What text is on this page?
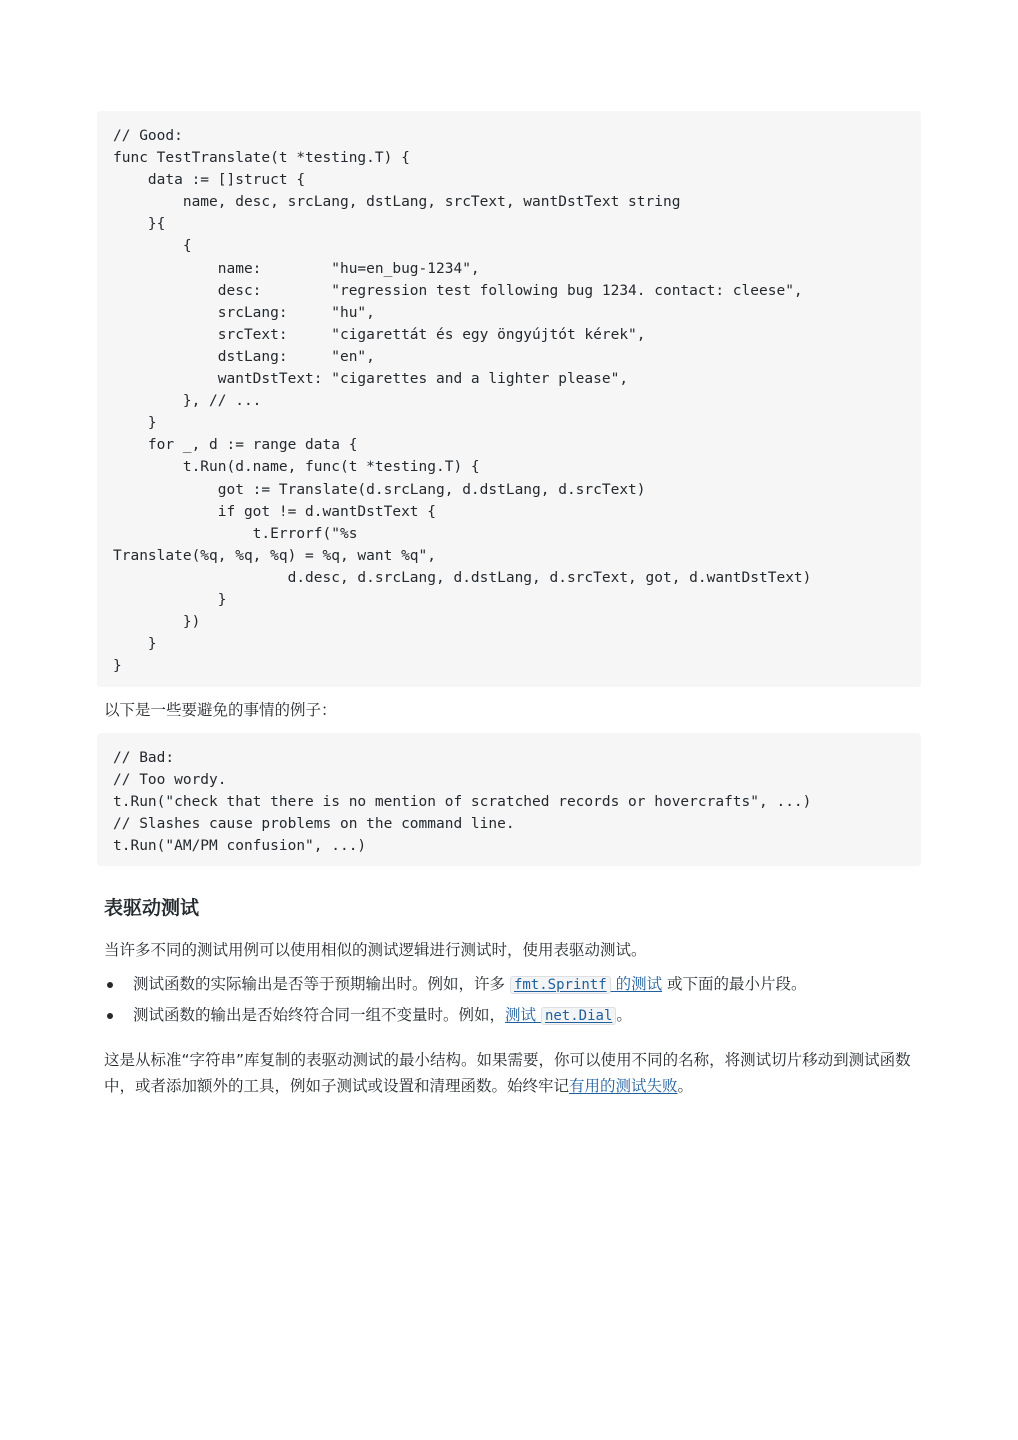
// Good:
func TestTranslate(t *testing.T) {
data := []struct {
name, desc, srcLang, dstLang, srcText, wantDstText string
}{
{
name:        "hu=en_bug-1234",
desc:        "regression test following bug 1234. contact: cleese",
srcLang:     "hu",
srcText:     "cigarettát és egy öngyújtót kérek",
dstLang:     "en",
wantDstText: "cigarettes and a lighter please",
}, // ...
}
for _, d := range data {
t.Run(d.name, func(t *testing.T) {
got := Translate(d.srcLang, d.dstLang, d.srcText)
if got != d.wantDstText {
t.Errorf("%s
Translate(%q, %q, %q) = %q, want %q",
d.desc, d.srcLang, d.dstLang, d.srcText, got, d.wantDstText)
}
})
}
}

以下是一些要避免的事情的例子：

// Bad:
// Too wordy.
t.Run("check that there is no mention of scratched records or hovercrafts", ...)
// Slashes cause problems on the command line.
t.Run("AM/PM confusion", ...)
表驱动测试

当许多不同的测试用例可以使用相似的测试逻辑进行测试时，使用表驱动测试。

测试函数的实际输出是否等于预期输出时。例如，许多 fmt.Sprintf 的测试 或下面的最小片段。
测试函数的输出是否始终符合同一组不变量时。例如，测试 net.Dial 。

这是从标准“字符串”库复制的表驱动测试的最小结构。如果需要，你可以使用不同的名称，将测试切片移动到测试函数中，或者添加额外的工具，例如子测试或设置和清理函数。始终牢记有用的测试失败。
